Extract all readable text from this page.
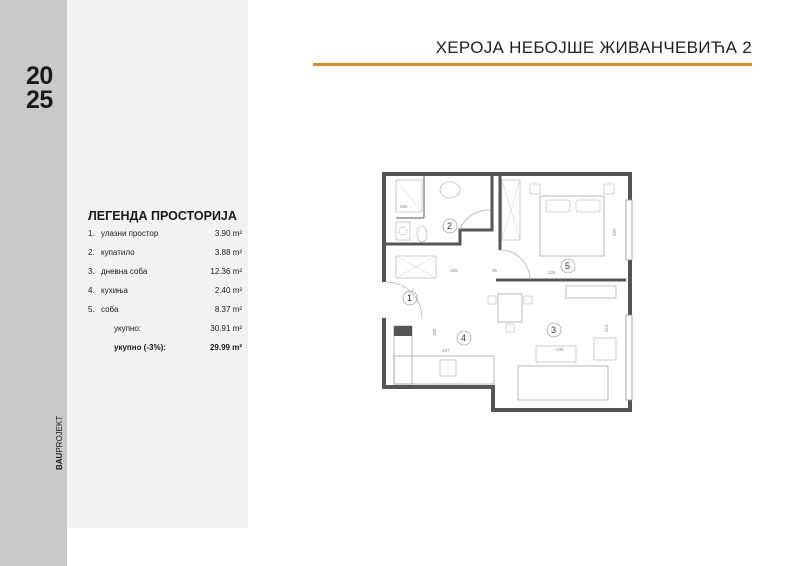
20
25
BAUPROJEKT
ХЕРОЈА НЕБОЈШЕ ЖИВАНЧЕВИЋА 2
ЛЕГЕНДА ПРОСТОРИЈА
1. улазни простор	3.90 m²
2. купатило	3.88 m²
3. дневна соба	12.36 m²
4. кухиња	2.40 m²
5. соба	8.37 m²
укупно:	30.91 m²
укупно (-3%):	29.99 m²
1
2
3
4
5
256
259	25	326
267	330
310
305
287
